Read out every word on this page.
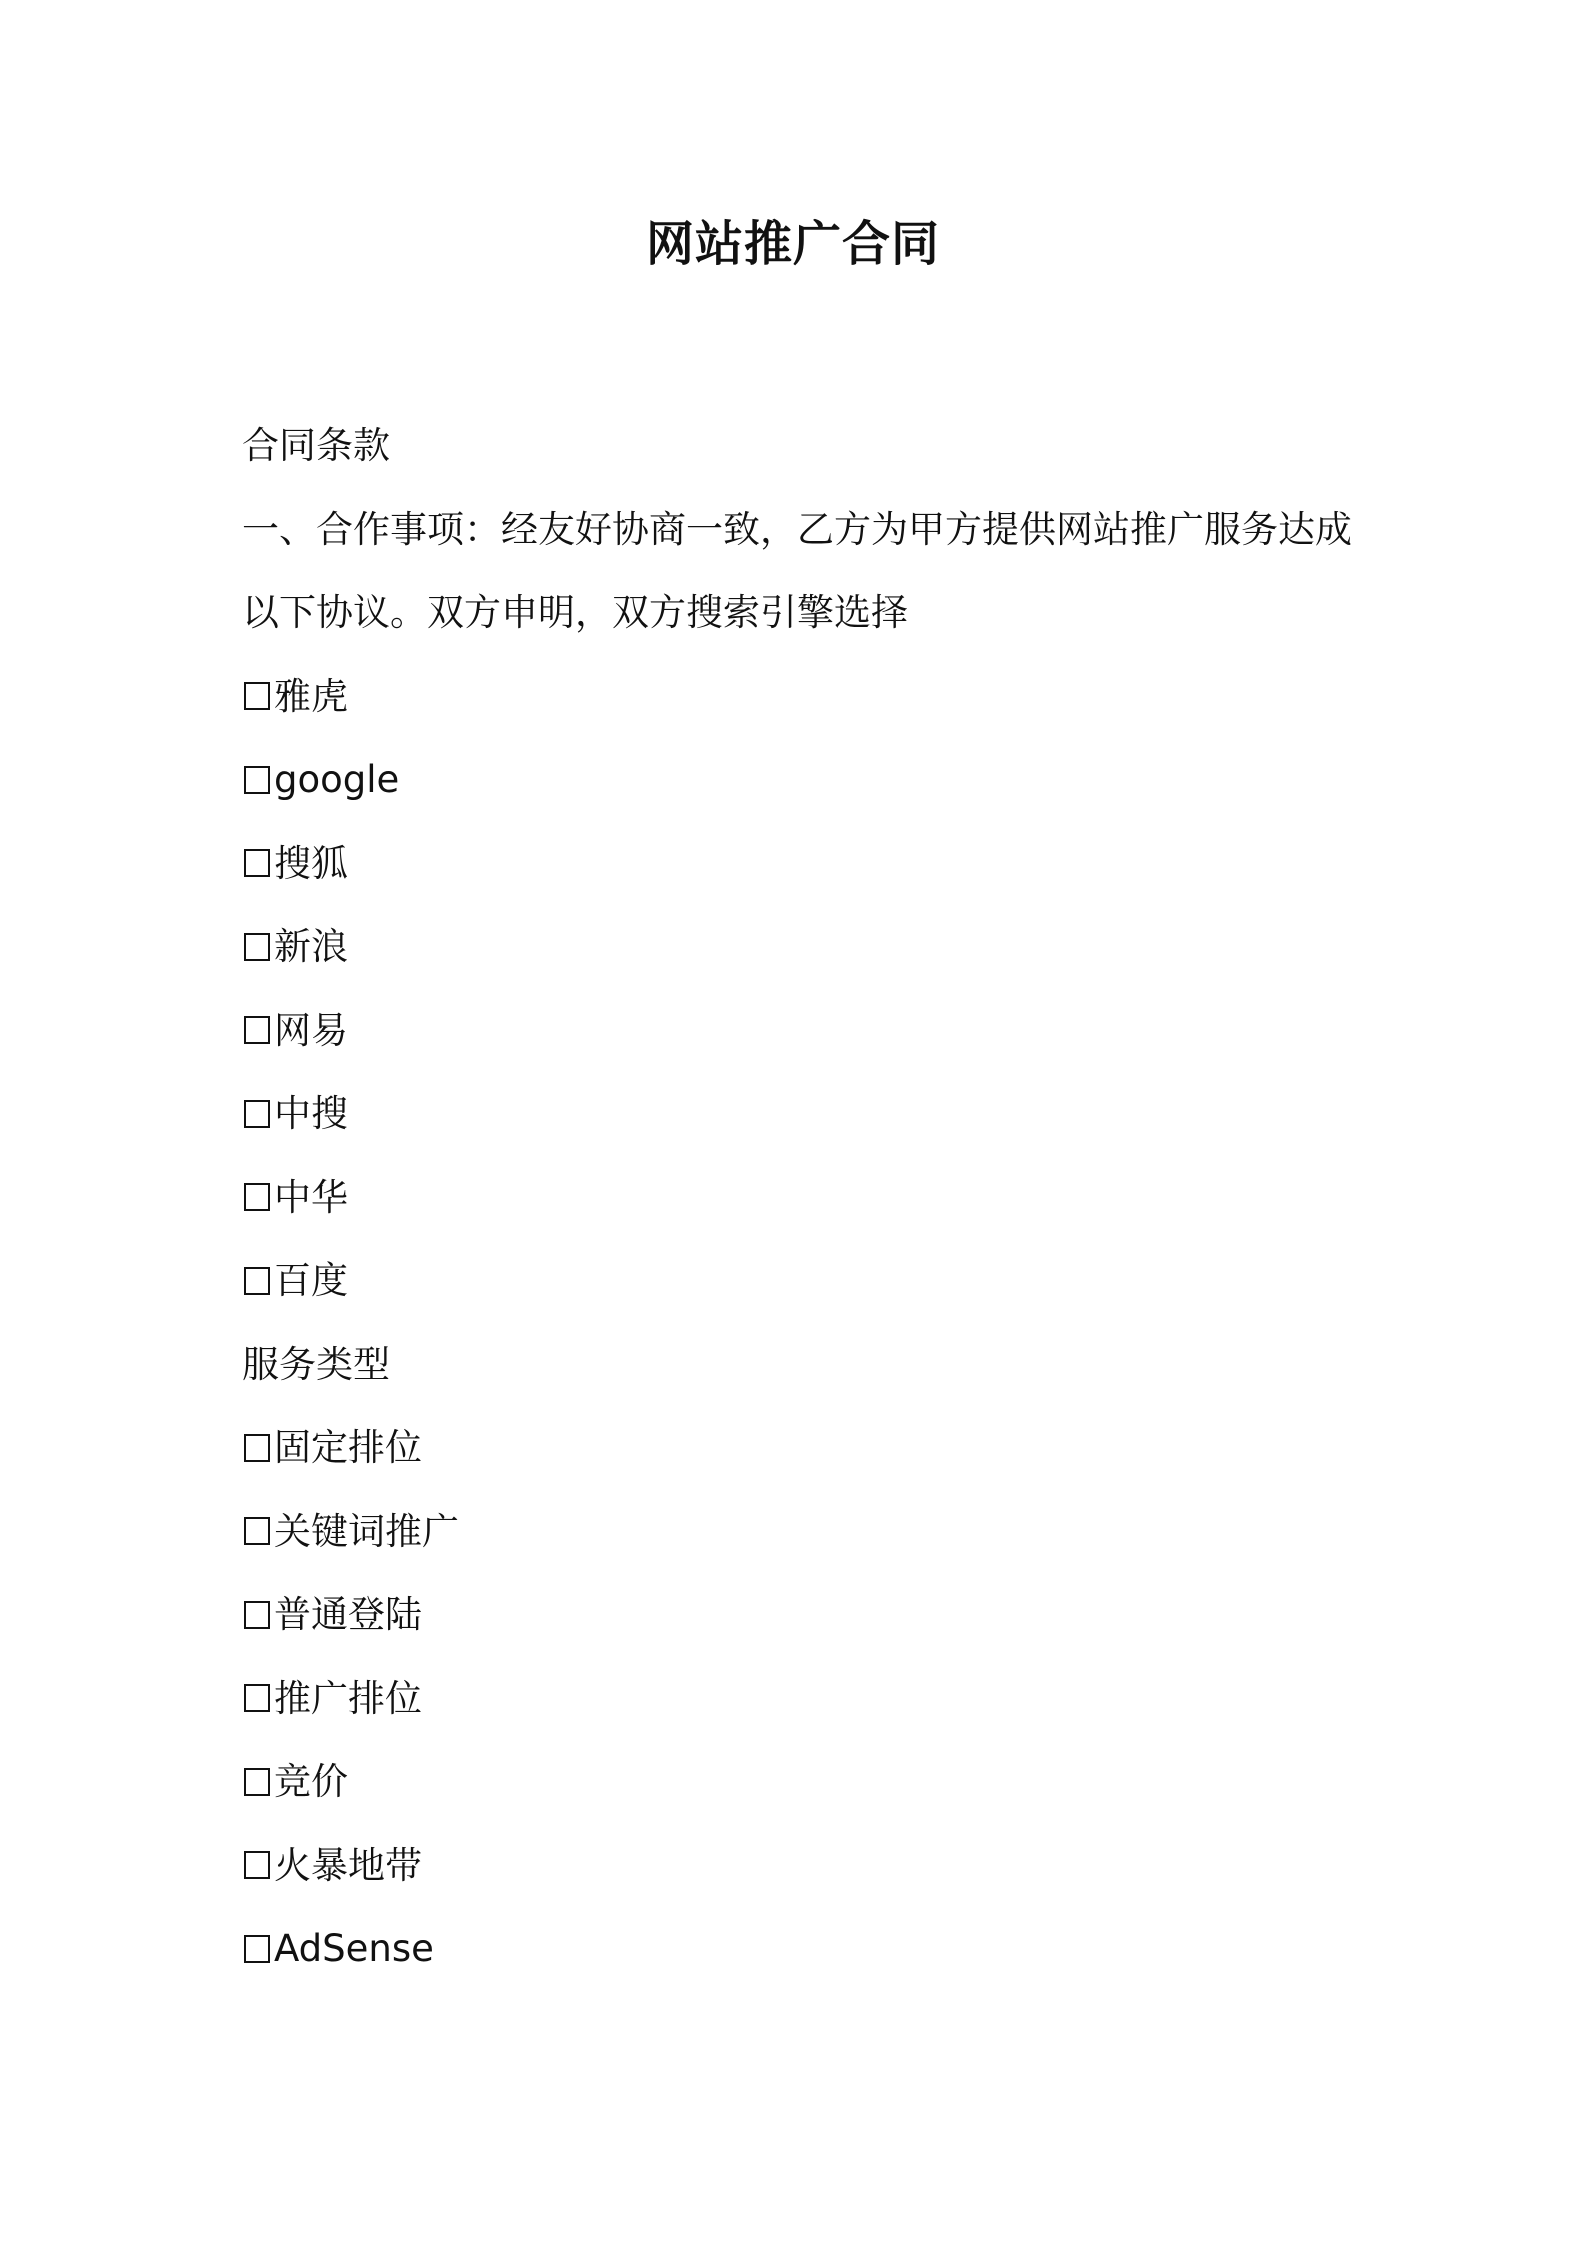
网站推广合同
合同条款
一、合作事项：经友好协商一致，乙方为甲方提供网站推广服务达成
以下协议。双方申明，双方搜索引擎选择
雅虎
google
搜狐
新浪
网易
中搜
中华
百度
服务类型
固定排位
关键词推广
普通登陆
推广排位
竞价
火暴地带
AdSense
